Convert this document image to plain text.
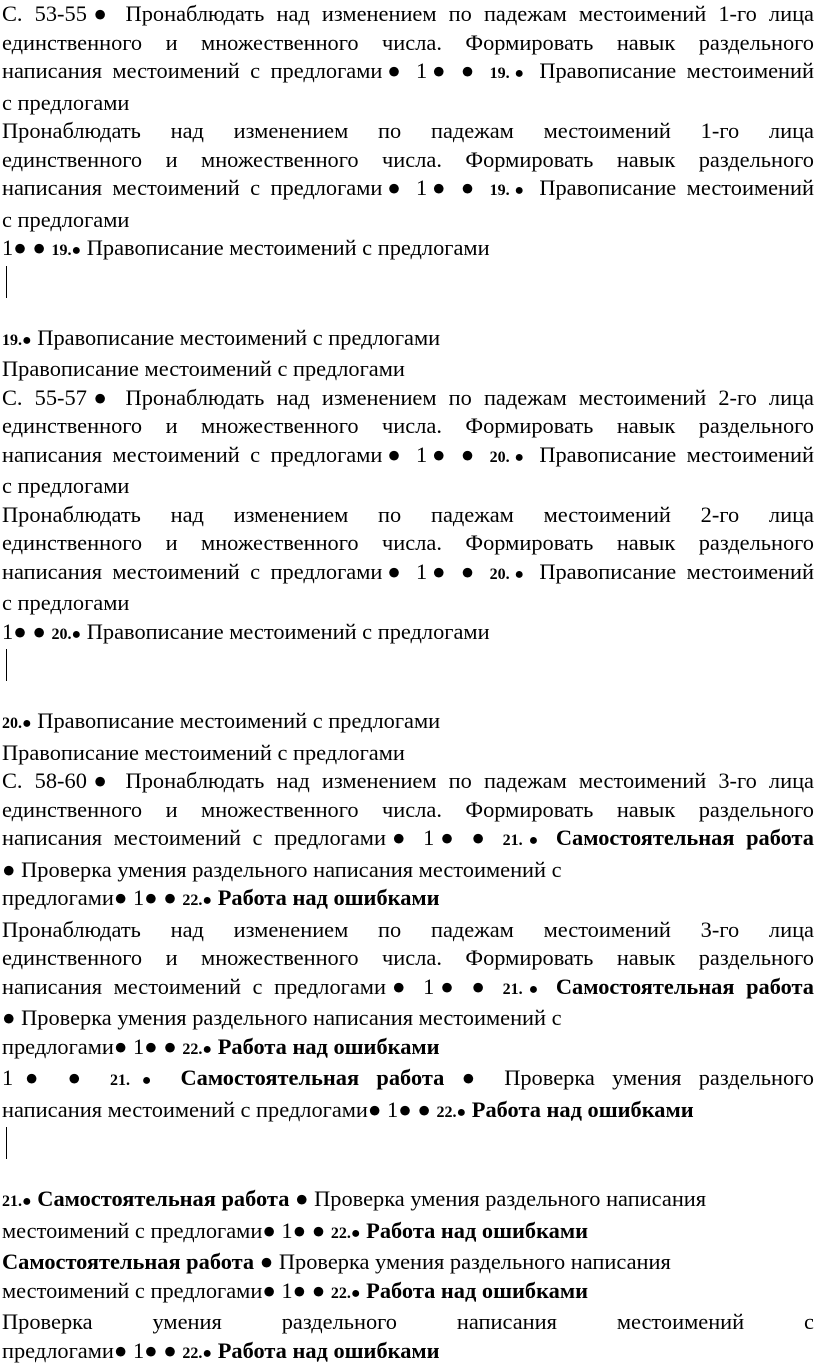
С. 53-55● Пронаблюдать над изменением по падежам местоимений 1-го лица
единственного и множественного числа. Формировать навык раздельного
написания местоимений с предлогами● 1● ● 19.● Правописание местоимений
с предлогами
Пронаблюдать над изменением по падежам местоимений 1-го лица
единственного и множественного числа. Формировать навык раздельного
написания местоимений с предлогами● 1● ● 19.● Правописание местоимений
с предлогами
1● ● 19.● Правописание местоимений с предлогами
19.● Правописание местоимений с предлогами
Правописание местоимений с предлогами
С. 55-57● Пронаблюдать над изменением по падежам местоимений 2-го лица
единственного и множественного числа. Формировать навык раздельного
написания местоимений с предлогами● 1● ● 20.● Правописание местоимений
с предлогами
Пронаблюдать над изменением по падежам местоимений 2-го лица
единственного и множественного числа. Формировать навык раздельного
написания местоимений с предлогами● 1● ● 20.● Правописание местоимений
с предлогами
1● ● 20.● Правописание местоимений с предлогами
20.● Правописание местоимений с предлогами
Правописание местоимений с предлогами
С. 58-60● Пронаблюдать над изменением по падежам местоимений 3-го лица
единственного и множественного числа. Формировать навык раздельного
написания местоимений с предлогами● 1● ● 21.● Самостоятельная работа
● Проверка умения раздельного написания местоимений с
предлогами● 1● ● 22.● Работа над ошибками
Пронаблюдать над изменением по падежам местоимений 3-го лица
единственного и множественного числа. Формировать навык раздельного
написания местоимений с предлогами● 1● ● 21.● Самостоятельная работа
● Проверка умения раздельного написания местоимений с
предлогами● 1● ● 22.● Работа над ошибками
1● ● 21.● Самостоятельная работа ● Проверка умения раздельного
написания местоимений с предлогами● 1● ● 22.● Работа над ошибками
21.● Самостоятельная работа ● Проверка умения раздельного написания
местоимений с предлогами● 1● ● 22.● Работа над ошибками
Самостоятельная работа ● Проверка умения раздельного написания
местоимений с предлогами● 1● ● 22.● Работа над ошибками
Проверка умения раздельного написания местоимений с
предлогами● 1● ● 22.● Работа над ошибками
